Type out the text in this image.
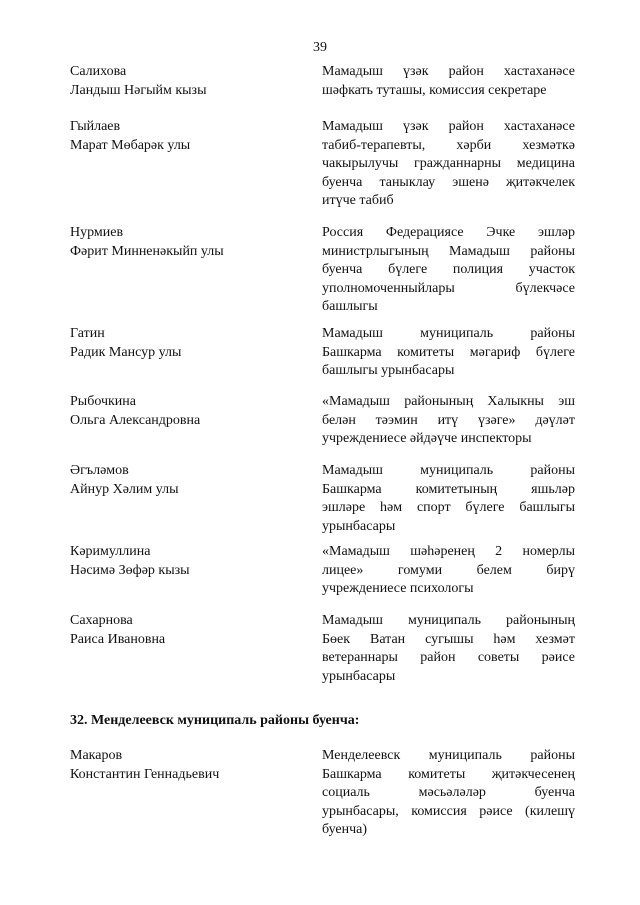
39
Салихова
Ландыш Нәгыйм кызы
Мамадыш үзәк район хастаханәсе
шәфкать туташы, комиссия секретаре
Гыйлаев
Марат Мөбарәк улы
Мамадыш үзәк район хастаханәсе
табиб-терапевты, хәрби хезмәткә
чакырылучы гражданнарны медицина
буенча таныклау эшенә җитәкчелек
итүче табиб
Нурмиев
Фәрит Минненәкыйп улы
Россия Федерациясе Эчке эшләр
министрлыгының Мамадыш районы
буенча бүлеге полиция участок
уполномоченныйлары бүлекчәсе
башлыгы
Гатин
Радик Мансур улы
Мамадыш муниципаль районы
Башкарма комитеты мәгариф бүлеге
башлыгы урынбасары
Рыбочкина
Ольга Александровна
«Мамадыш районының Халыкны эш
белән тәэмин итү үзәге» дәүләт
учреждениесе әйдәүче инспекторы
Әгъләмов
Айнур Хәлим улы
Мамадыш муниципаль районы
Башкарма комитетының яшьләр
эшләре һәм спорт бүлеге башлыгы
урынбасары
Кәримуллина
Нәсимә Зөфәр кызы
«Мамадыш шәһәренең 2 номерлы
лицее» гомуми белем бирү
учреждениесе психологы
Сахарнова
Раиса Ивановна
Мамадыш муниципаль районының
Бөек Ватан сугышы һәм хезмәт
ветераннары район советы рәисе
урынбасары
32. Менделеевск муниципаль районы буенча:
Макаров
Константин Геннадьевич
Менделеевск муниципаль районы
Башкарма комитеты җитәкчесенең
социаль мәсьәләләр буенча
урынбасары, комиссия рәисе (килешү
буенча)
